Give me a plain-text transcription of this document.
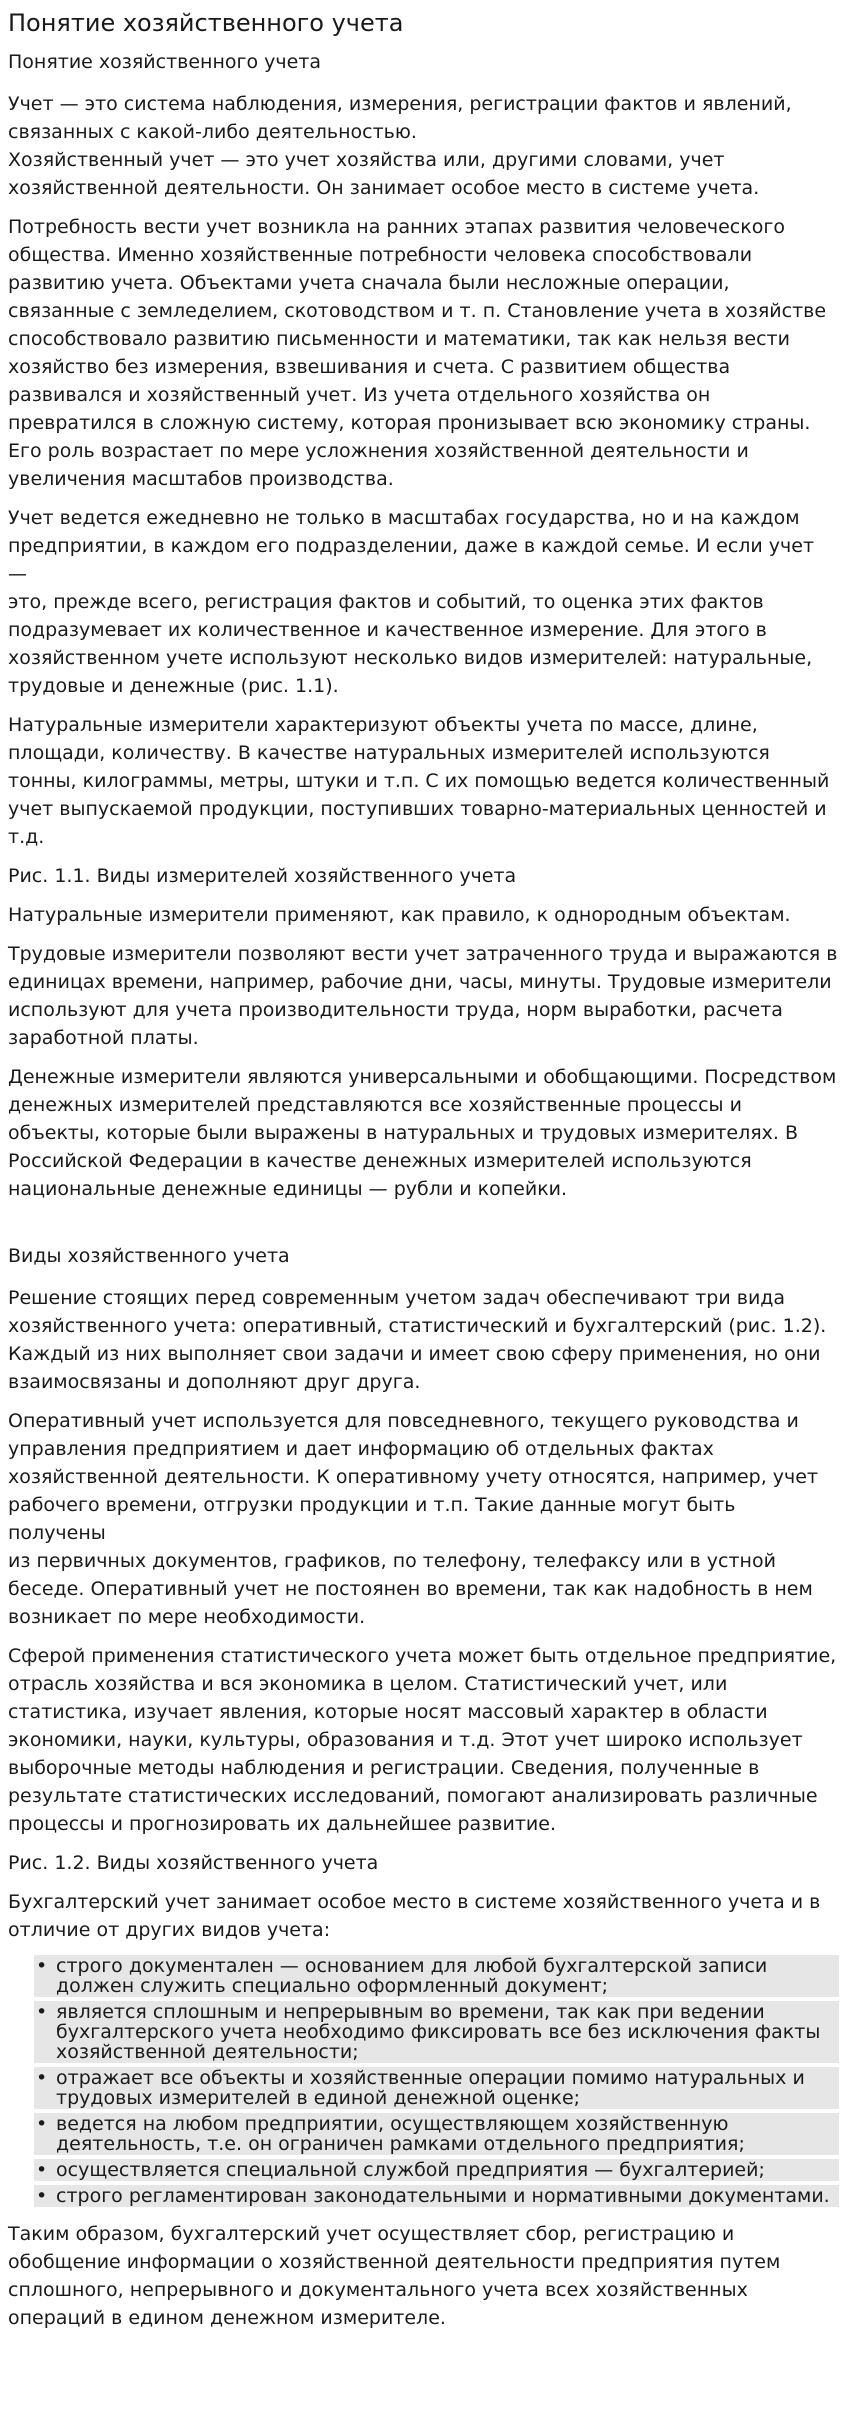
Понятие хозяйственного учета
Понятие хозяйственного учета
Учет — это система наблюдения, измерения, регистрации фактов и явлений,
связанных с какой-либо деятельностью.
Хозяйственный учет — это учет хозяйства или, другими словами, учет
хозяйственной деятельности. Он занимает особое место в системе учета.
Потребность вести учет возникла на ранних этапах развития человеческого
общества. Именно хозяйственные потребности человека способствовали
развитию учета. Объектами учета сначала были несложные операции,
связанные с земледелием, скотоводством и т. п. Становление учета в хозяйстве
способствовало развитию письменности и математики, так как нельзя вести
хозяйство без измерения, взвешивания и счета. С развитием общества
развивался и хозяйственный учет. Из учета отдельного хозяйства он
превратился в сложную систему, которая пронизывает всю экономику страны.
Его роль возрастает по мере усложнения хозяйственной деятельности и
увеличения масштабов производства.
Учет ведется ежедневно не только в масштабах государства, но и на каждом
предприятии, в каждом его подразделении, даже в каждой семье. И если учет —
это, прежде всего, регистрация фактов и событий, то оценка этих фактов
подразумевает их количественное и качественное измерение. Для этого в
хозяйственном учете используют несколько видов измерителей: натуральные,
трудовые и денежные (рис. 1.1).
Натуральные измерители характеризуют объекты учета по массе, длине,
площади, количеству. В качестве натуральных измерителей используются
тонны, килограммы, метры, штуки и т.п. С их помощью ведется количественный
учет выпускаемой продукции, поступивших товарно-материальных ценностей и
т.д.
Рис. 1.1. Виды измерителей хозяйственного учета
Натуральные измерители применяют, как правило, к однородным объектам.
Трудовые измерители позволяют вести учет затраченного труда и выражаются в
единицах времени, например, рабочие дни, часы, минуты. Трудовые измерители
используют для учета производительности труда, норм выработки, расчета
заработной платы.
Денежные измерители являются универсальными и обобщающими. Посредством
денежных измерителей представляются все хозяйственные процессы и
объекты, которые были выражены в натуральных и трудовых измерителях. В
Российской Федерации в качестве денежных измерителей используются
национальные денежные единицы — рубли и копейки.
Виды хозяйственного учета
Решение стоящих перед современным учетом задач обеспечивают три вида
хозяйственного учета: оперативный, статистический и бухгалтерский (рис. 1.2).
Каждый из них выполняет свои задачи и имеет свою сферу применения, но они
взаимосвязаны и дополняют друг друга.
Оперативный учет используется для повседневного, текущего руководства и
управления предприятием и дает информацию об отдельных фактах
хозяйственной деятельности. К оперативному учету относятся, например, учет
рабочего времени, отгрузки продукции и т.п. Такие данные могут быть получены
из первичных документов, графиков, по телефону, телефаксу или в устной
беседе. Оперативный учет не постоянен во времени, так как надобность в нем
возникает по мере необходимости.
Сферой применения статистического учета может быть отдельное предприятие,
отрасль хозяйства и вся экономика в целом. Статистический учет, или
статистика, изучает явления, которые носят массовый характер в области
экономики, науки, культуры, образования и т.д. Этот учет широко использует
выборочные методы наблюдения и регистрации. Сведения, полученные в
результате статистических исследований, помогают анализировать различные
процессы и прогнозировать их дальнейшее развитие.
Рис. 1.2. Виды хозяйственного учета
Бухгалтерский учет занимает особое место в системе хозяйственного учета и в
отличие от других видов учета:
• строго документален — основанием для любой бухгалтерской записи
должен служить специально оформленный документ;
• является сплошным и непрерывным во времени, так как при ведении
бухгалтерского учета необходимо фиксировать все без исключения факты
хозяйственной деятельности;
• отражает все объекты и хозяйственные операции помимо натуральных и
трудовых измерителей в единой денежной оценке;
• ведется на любом предприятии, осуществляющем хозяйственную
деятельность, т.е. он ограничен рамками отдельного предприятия;
• осуществляется специальной службой предприятия — бухгалтерией;
• строго регламентирован законодательными и нормативными документами.
Таким образом, бухгалтерский учет осуществляет сбор, регистрацию и
обобщение информации о хозяйственной деятельности предприятия путем
сплошного, непрерывного и документального учета всех хозяйственных
операций в едином денежном измерителе.
